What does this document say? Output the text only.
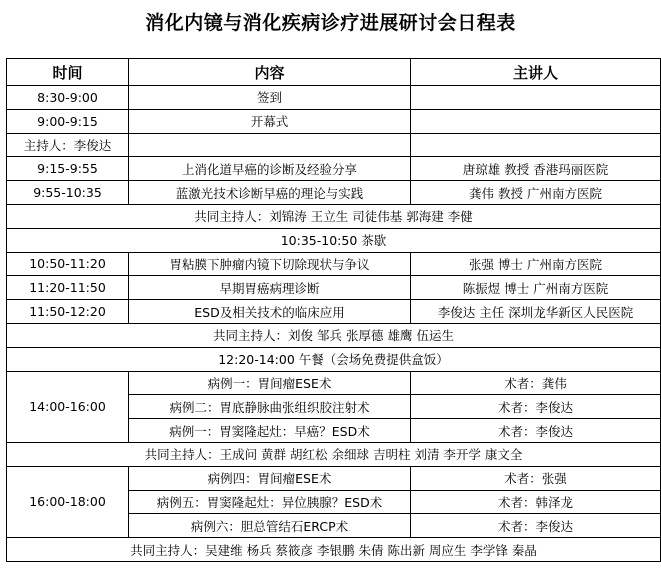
消化内镜与消化疾病诊疗进展研讨会日程表
时间	内容	主讲人
8:30-9:00	签到	
9:00-9:15	开幕式	
主持人：李俊达		
9:15-9:55	上消化道早癌的诊断及经验分享	唐琼雄 教授 香港玛丽医院
9:55-10:35	蓝激光技术诊断早癌的理论与实践	龚伟 教授 广州南方医院
共同主持人：刘锦涛 王立生 司徒伟基 郭海建 李健		
10:35-10:50 茶歇		
10:50-11:20	胃粘膜下肿瘤内镜下切除现状与争议	张强 博士 广州南方医院
11:20-11:50	早期胃癌病理诊断	陈振煜 博士 广州南方医院
11:50-12:20	ESD及相关技术的临床应用	李俊达 主任 深圳龙华新区人民医院
共同主持人：刘俊 邹兵 张厚德 雄鹰 伍运生		
12:20-14:00 午餐（会场免费提供盒饭）		
14:00-16:00	病例一：胃间瘤ESE术	术者：龚伟
	病例二：胃底静脉曲张组织胶注射术	术者：李俊达
	病例一：胃窦隆起灶：早癌？ESD术	术者：李俊达
共同主持人：王成问 黄群 胡红松 余细球 吉明柱 刘清 李开学 康文全		
16:00-18:00	病例四：胃间瘤ESE术	术者：张强
	病例五：胃窦隆起灶：异位胰腺？ESD术	术者：韩泽龙
	病例六：胆总管结石ERCP术	术者：李俊达
共同主持人：吴建维 杨兵 蔡筱彦 李银鹏 朱倩 陈出新 周应生 李学锋 秦晶		
